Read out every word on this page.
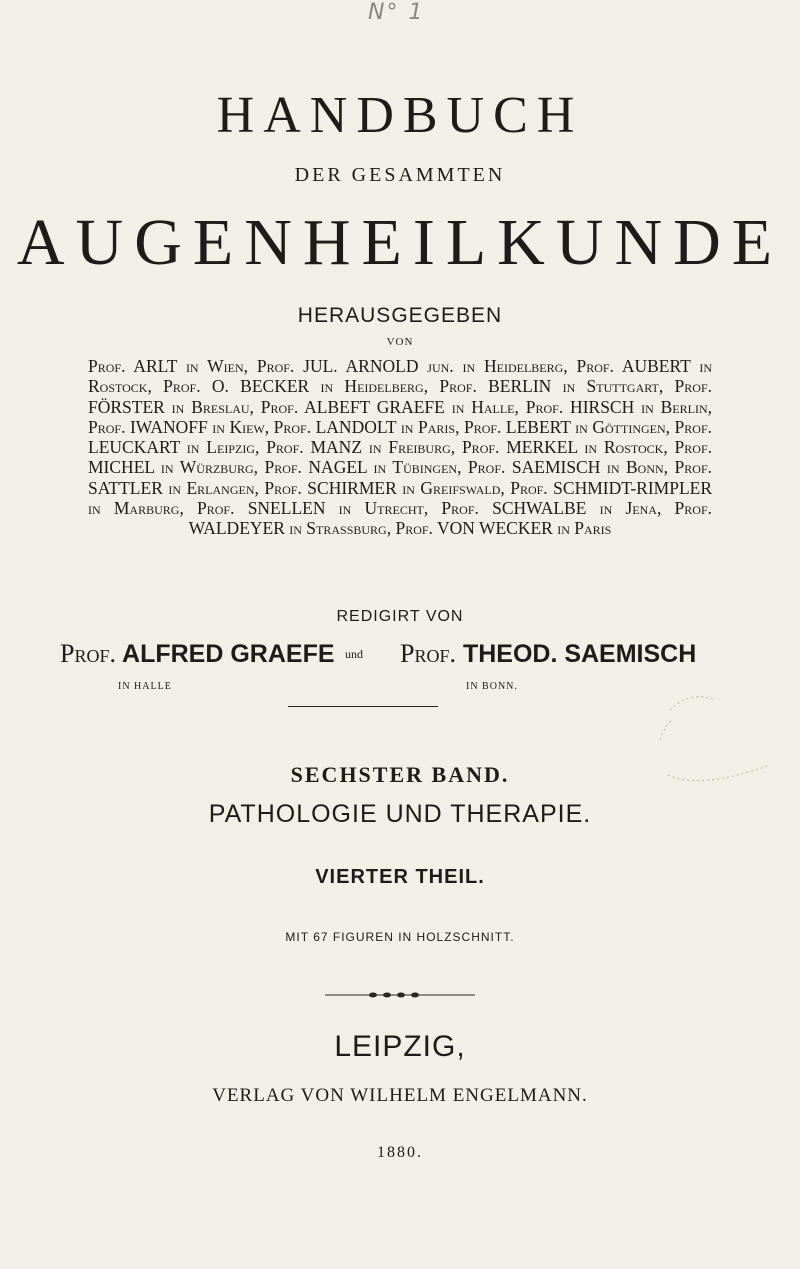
N° 1
HANDBUCH
DER GESAMMTEN
AUGENHEILKUNDE
HERAUSGEGEBEN
VON
Prof. ARLT in Wien, Prof. JUL. ARNOLD jun. in Heidelberg, Prof. AUBERT in Rostock, Prof. O. BECKER in Heidelberg, Prof. BERLIN in Stuttgart, Prof. FÖRSTER in Breslau, Prof. ALBEFT GRAEFE in Halle, Prof. HIRSCH in Berlin, Prof. IWANOFF in Kiew, Prof. LANDOLT in Paris, Prof. LEBERT in Göttingen, Prof. LEUCKART in Leipzig, Prof. MANZ in Freiburg, Prof. MERKEL in Rostock, Prof. MICHEL in Würzburg, Prof. NAGEL in Tübingen, Prof. SAEMISCH in Bonn, Prof. SATTLER in Erlangen, Prof. SCHIRMER in Greifswald, Prof. SCHMIDT-RIMPLER in Marburg, Prof. SNELLEN in Utrecht, Prof. SCHWALBE in Jena, Prof. WALDEYER in Strassburg, Prof. VON WECKER in Paris
REDIGIRT VON
Prof. ALFRED GRAEFE und Prof. THEOD. SAEMISCH
IN HALLE	IN BONN.
SECHSTER BAND.
PATHOLOGIE UND THERAPIE.
VIERTER THEIL.
MIT 67 FIGUREN IN HOLZSCHNITT.
LEIPZIG,
VERLAG VON WILHELM ENGELMANN.
1880.
